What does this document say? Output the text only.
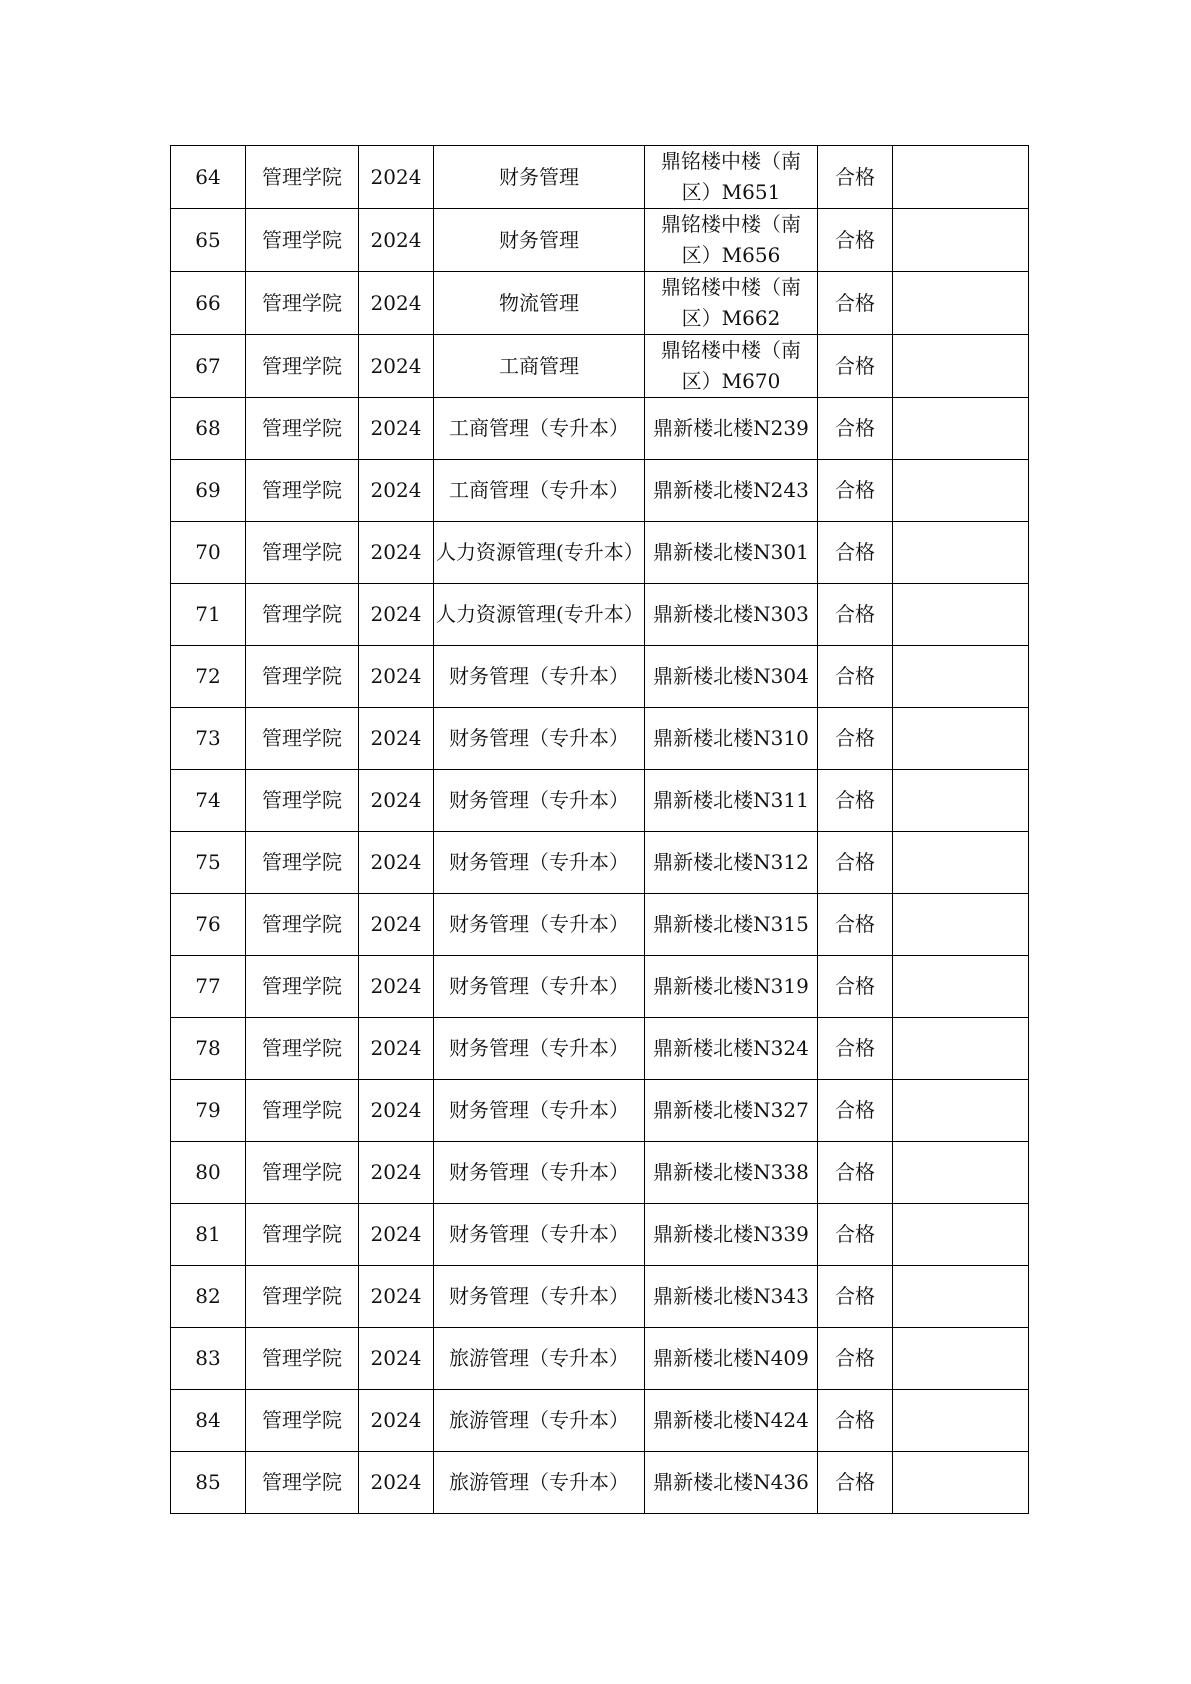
64	管理学院	2024	财务管理	鼎铭楼中楼（南区）M651	合格	
65	管理学院	2024	财务管理	鼎铭楼中楼（南区）M656	合格	
66	管理学院	2024	物流管理	鼎铭楼中楼（南区）M662	合格	
67	管理学院	2024	工商管理	鼎铭楼中楼（南区）M670	合格	
68	管理学院	2024	工商管理（专升本）	鼎新楼北楼N239	合格	
69	管理学院	2024	工商管理（专升本）	鼎新楼北楼N243	合格	
70	管理学院	2024	人力资源管理(专升本）	鼎新楼北楼N301	合格	
71	管理学院	2024	人力资源管理(专升本）	鼎新楼北楼N303	合格	
72	管理学院	2024	财务管理（专升本）	鼎新楼北楼N304	合格	
73	管理学院	2024	财务管理（专升本）	鼎新楼北楼N310	合格	
74	管理学院	2024	财务管理（专升本）	鼎新楼北楼N311	合格	
75	管理学院	2024	财务管理（专升本）	鼎新楼北楼N312	合格	
76	管理学院	2024	财务管理（专升本）	鼎新楼北楼N315	合格	
77	管理学院	2024	财务管理（专升本）	鼎新楼北楼N319	合格	
78	管理学院	2024	财务管理（专升本）	鼎新楼北楼N324	合格	
79	管理学院	2024	财务管理（专升本）	鼎新楼北楼N327	合格	
80	管理学院	2024	财务管理（专升本）	鼎新楼北楼N338	合格	
81	管理学院	2024	财务管理（专升本）	鼎新楼北楼N339	合格	
82	管理学院	2024	财务管理（专升本）	鼎新楼北楼N343	合格	
83	管理学院	2024	旅游管理（专升本）	鼎新楼北楼N409	合格	
84	管理学院	2024	旅游管理（专升本）	鼎新楼北楼N424	合格	
85	管理学院	2024	旅游管理（专升本）	鼎新楼北楼N436	合格	
